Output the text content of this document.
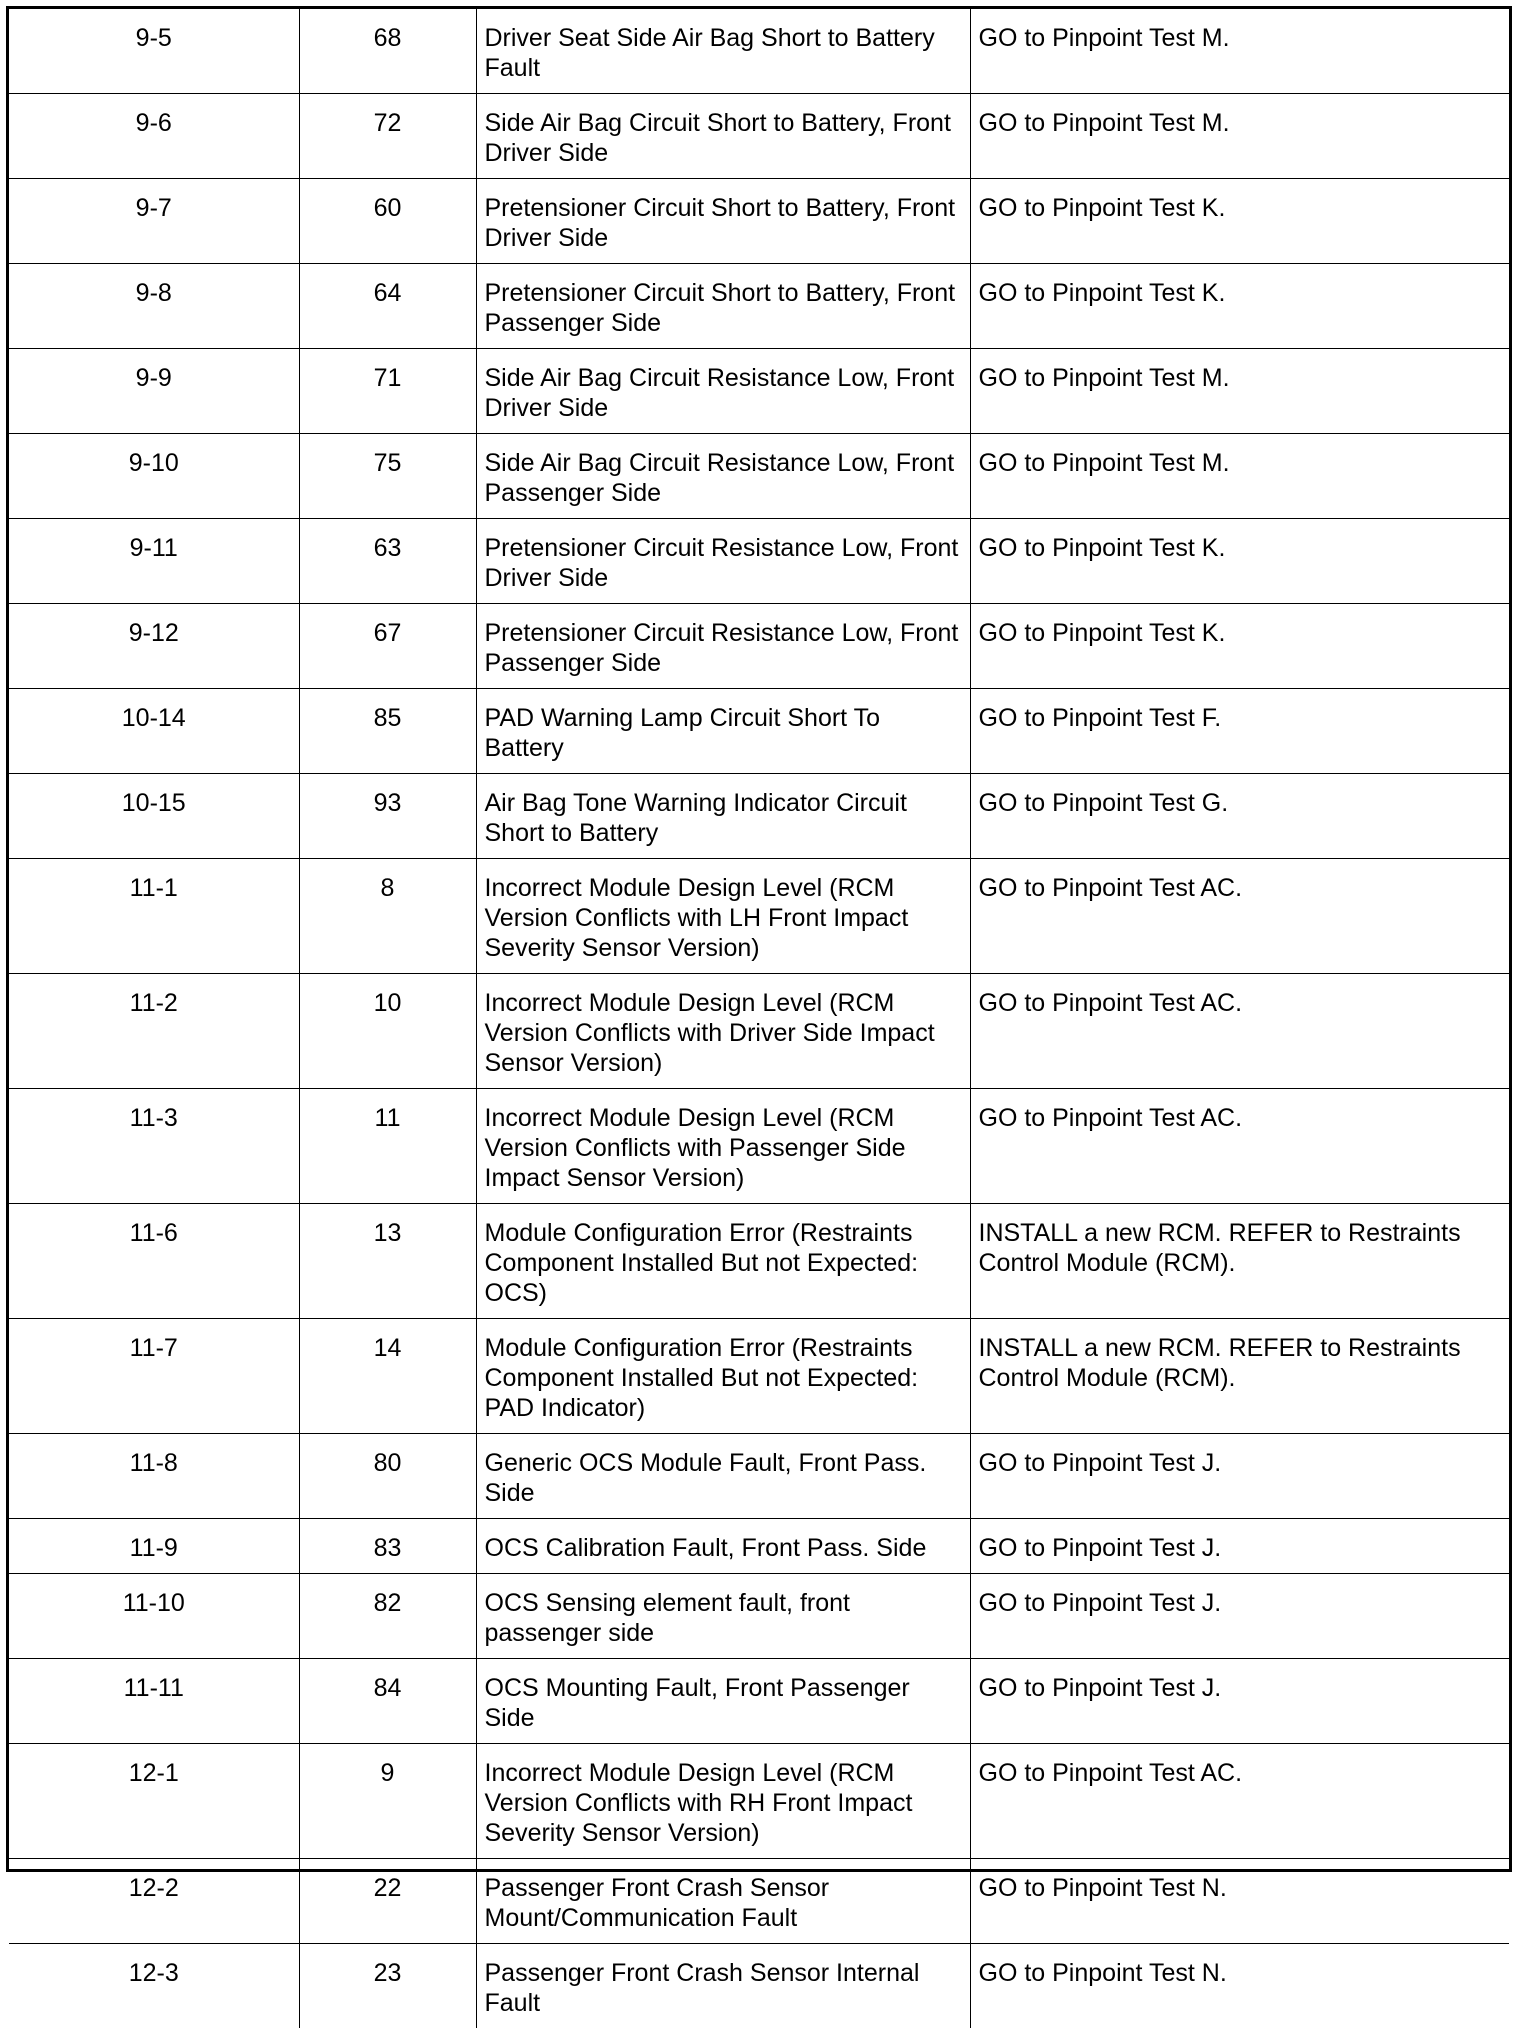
9-5	68	Driver Seat Side Air Bag Short to Battery Fault	GO to Pinpoint Test M.
9-6	72	Side Air Bag Circuit Short to Battery, Front Driver Side	GO to Pinpoint Test M.
9-7	60	Pretensioner Circuit Short to Battery, Front Driver Side	GO to Pinpoint Test K.
9-8	64	Pretensioner Circuit Short to Battery, Front Passenger Side	GO to Pinpoint Test K.
9-9	71	Side Air Bag Circuit Resistance Low, Front Driver Side	GO to Pinpoint Test M.
9-10	75	Side Air Bag Circuit Resistance Low, Front Passenger Side	GO to Pinpoint Test M.
9-11	63	Pretensioner Circuit Resistance Low, Front Driver Side	GO to Pinpoint Test K.
9-12	67	Pretensioner Circuit Resistance Low, Front Passenger Side	GO to Pinpoint Test K.
10-14	85	PAD Warning Lamp Circuit Short To Battery	GO to Pinpoint Test F.
10-15	93	Air Bag Tone Warning Indicator Circuit Short to Battery	GO to Pinpoint Test G.
11-1	8	Incorrect Module Design Level (RCM Version Conflicts with LH Front Impact Severity Sensor Version)	GO to Pinpoint Test AC.
11-2	10	Incorrect Module Design Level (RCM Version Conflicts with Driver Side Impact Sensor Version)	GO to Pinpoint Test AC.
11-3	11	Incorrect Module Design Level (RCM Version Conflicts with Passenger Side Impact Sensor Version)	GO to Pinpoint Test AC.
11-6	13	Module Configuration Error (Restraints Component Installed But not Expected: OCS)	INSTALL a new RCM. REFER to Restraints Control Module (RCM).
11-7	14	Module Configuration Error (Restraints Component Installed But not Expected: PAD Indicator)	INSTALL a new RCM. REFER to Restraints Control Module (RCM).
11-8	80	Generic OCS Module Fault, Front Pass. Side	GO to Pinpoint Test J.
11-9	83	OCS Calibration Fault, Front Pass. Side	GO to Pinpoint Test J.
11-10	82	OCS Sensing element fault, front passenger side	GO to Pinpoint Test J.
11-11	84	OCS Mounting Fault, Front Passenger Side	GO to Pinpoint Test J.
12-1	9	Incorrect Module Design Level (RCM Version Conflicts with RH Front Impact Severity Sensor Version)	GO to Pinpoint Test AC.
12-2	22	Passenger Front Crash Sensor Mount/Communication Fault	GO to Pinpoint Test N.
12-3	23	Passenger Front Crash Sensor Internal Fault	GO to Pinpoint Test N.
